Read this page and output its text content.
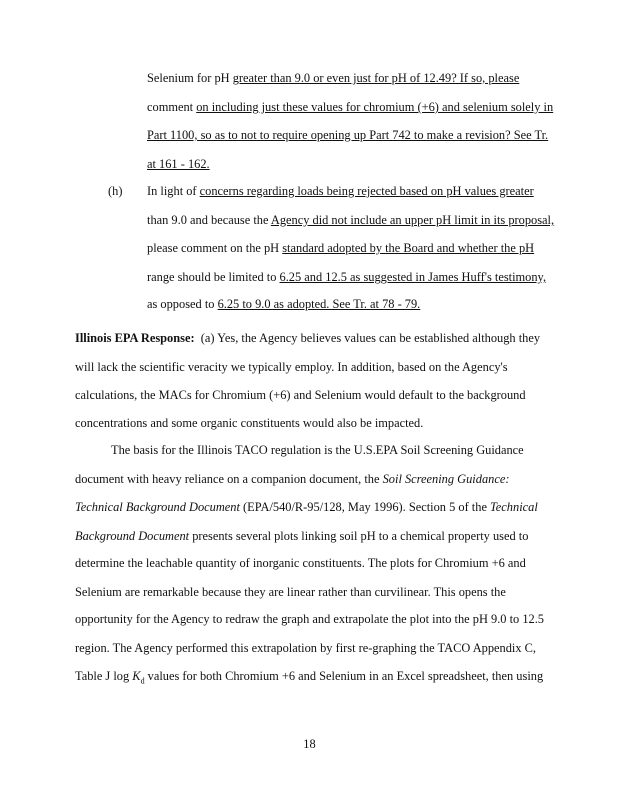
Selenium for pH greater than 9.0 or even just for pH of 12.49? If so, please
comment on including just these values for chromium (+6) and selenium solely in
Part 1100, so as to not to require opening up Part 742 to make a revision? See Tr.
at 161 - 162.
(h) In light of concerns regarding loads being rejected based on pH values greater
than 9.0 and because the Agency did not include an upper pH limit in its proposal,
please comment on the pH standard adopted by the Board and whether the pH
range should be limited to 6.25 and 12.5 as suggested in James Huff's testimony,
as opposed to 6.25 to 9.0 as adopted. See Tr. at 78 - 79.
Illinois EPA Response: (a) Yes, the Agency believes values can be established although they
will lack the scientific veracity we typically employ. In addition, based on the Agency's
calculations, the MACs for Chromium (+6) and Selenium would default to the background
concentrations and some organic constituents would also be impacted.
The basis for the Illinois TACO regulation is the U.S.EPA Soil Screening Guidance
document with heavy reliance on a companion document, the Soil Screening Guidance:
Technical Background Document (EPA/540/R-95/128, May 1996). Section 5 of the Technical
Background Document presents several plots linking soil pH to a chemical property used to
determine the leachable quantity of inorganic constituents. The plots for Chromium +6 and
Selenium are remarkable because they are linear rather than curvilinear. This opens the
opportunity for the Agency to redraw the graph and extrapolate the plot into the pH 9.0 to 12.5
region. The Agency performed this extrapolation by first re-graphing the TACO Appendix C,
Table J $\log K_d$ values for both Chromium +6 and Selenium in an Excel spreadsheet, then using
18
